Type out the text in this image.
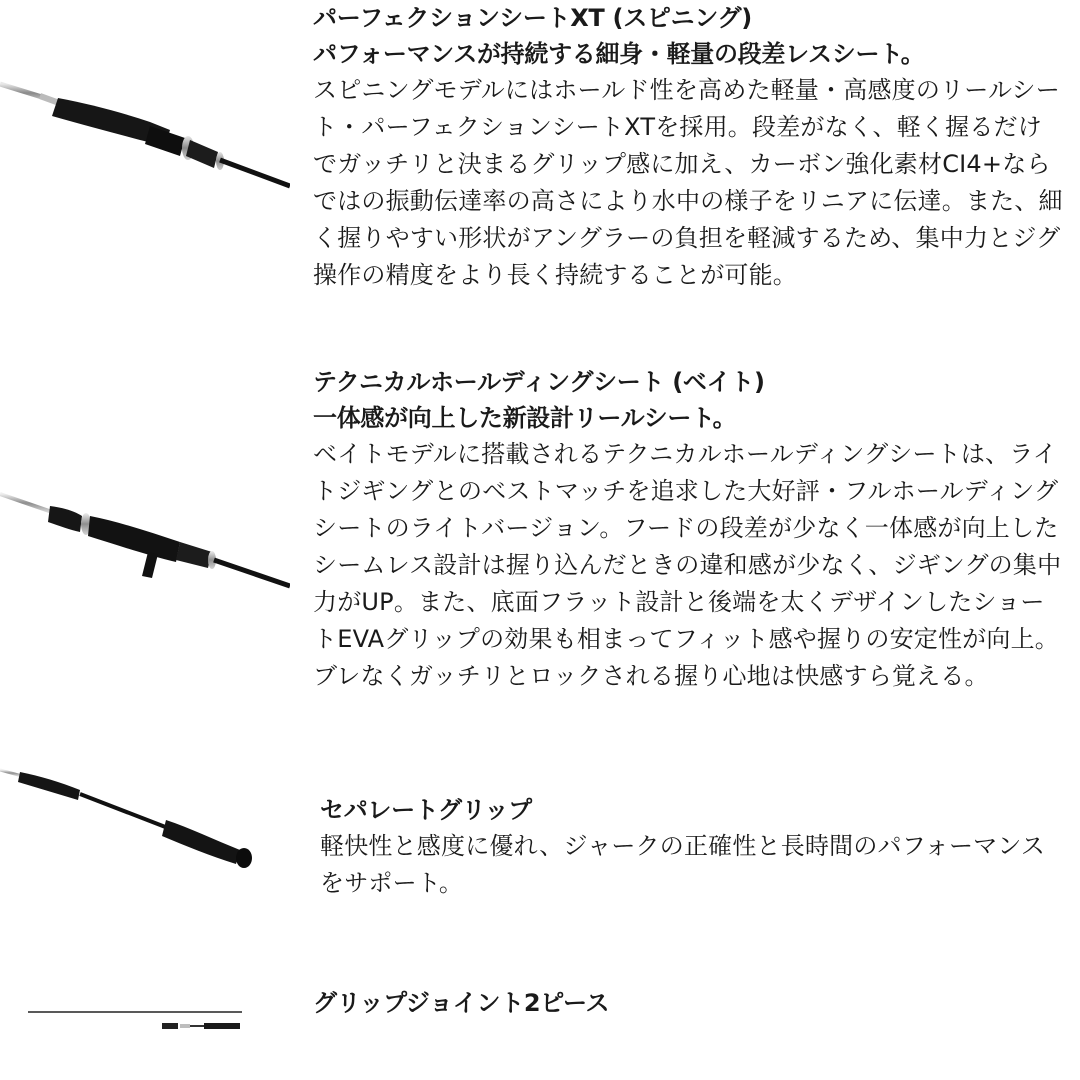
パーフェクションシートXT (スピニング)
パフォーマンスが持続する細身・軽量の段差レスシート。

スピニングモデルにはホールド性を高めた軽量・高感度のリールシート・パーフェクションシートXTを採用。段差がなく、軽く握るだけでガッチリと決まるグリップ感に加え、カーボン強化素材CI4+ならではの振動伝達率の高さにより水中の様子をリニアに伝達。また、細く握りやすい形状がアングラーの負担を軽減するため、集中力とジグ操作の精度をより長く持続することが可能。

テクニカルホールディングシート (ベイト)
一体感が向上した新設計リールシート。

ベイトモデルに搭載されるテクニカルホールディングシートは、ライトジギングとのベストマッチを追求した大好評・フルホールディングシートのライトバージョン。フードの段差が少なく一体感が向上したシームレス設計は握り込んだときの違和感が少なく、ジギングの集中力がUP。また、底面フラット設計と後端を太くデザインしたショートEVAグリップの効果も相まってフィット感や握りの安定性が向上。ブレなくガッチリとロックされる握り心地は快感すら覚える。

セパレートグリップ

軽快性と感度に優れ、ジャークの正確性と長時間のパフォーマンスをサポート。

グリップジョイント2ピース
